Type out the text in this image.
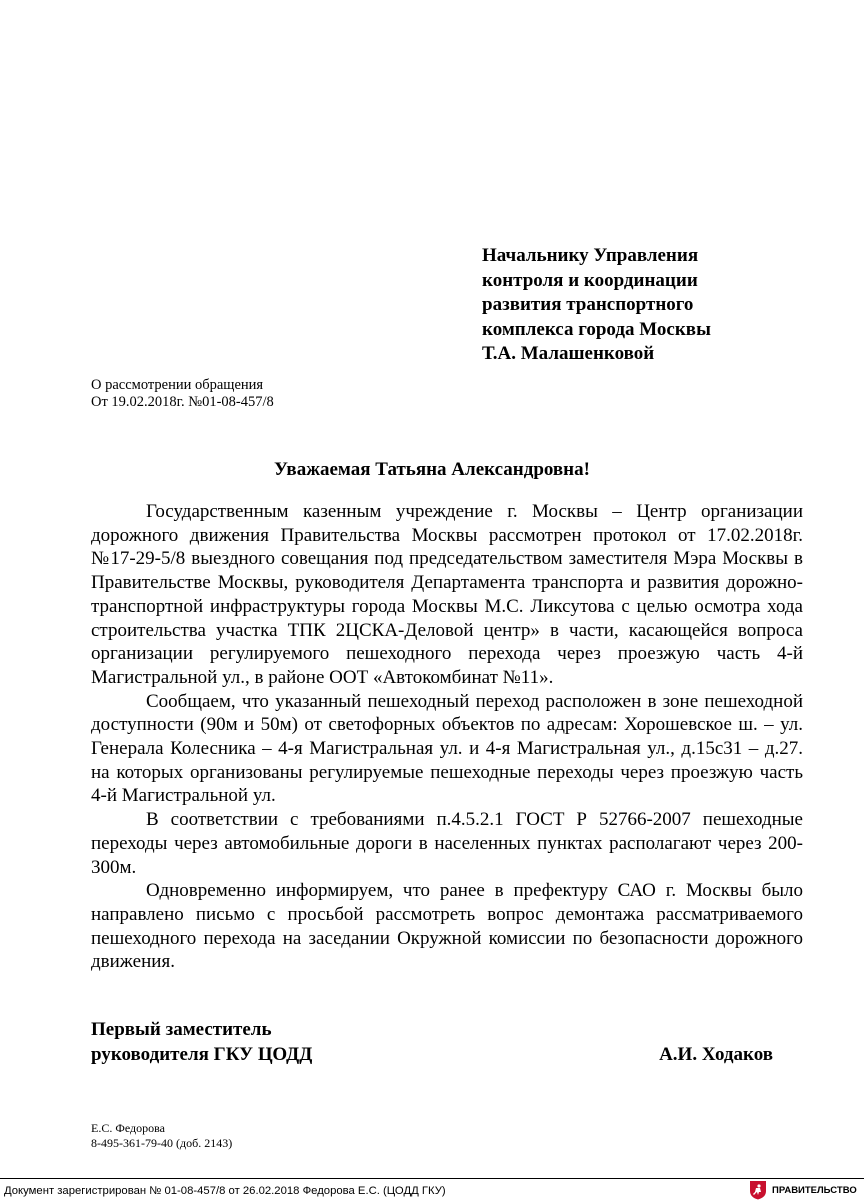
Начальнику Управления
контроля и координации
развития транспортного
комплекса города Москвы
Т.А. Малашенковой
О рассмотрении обращения
От 19.02.2018г. №01-08-457/8
Уважаемая Татьяна Александровна!

Государственным казенным учреждение г. Москвы – Центр организации дорожного движения Правительства Москвы рассмотрен протокол от 17.02.2018г. №17-29-5/8 выездного совещания под председательством заместителя Мэра Москвы в Правительстве Москвы, руководителя Департамента транспорта и развития дорожно-транспортной инфраструктуры города Москвы М.С. Ликсутова с целью осмотра хода строительства участка ТПК 2ЦСКА-Деловой центр» в части, касающейся вопроса организации регулируемого пешеходного перехода через проезжую часть 4-й Магистральной ул., в районе ООТ «Автокомбинат №11».

Сообщаем, что указанный пешеходный переход расположен в зоне пешеходной доступности (90м и 50м) от светофорных объектов по адресам: Хорошевское ш. – ул. Генерала Колесника – 4-я Магистральная ул. и 4-я Магистральная ул., д.15с31 – д.27. на которых организованы регулируемые пешеходные переходы через проезжую часть 4-й Магистральной ул.

В соответствии с требованиями п.4.5.2.1 ГОСТ Р 52766-2007 пешеходные переходы через автомобильные дороги в населенных пунктах располагают через 200-300м.

Одновременно информируем, что ранее в префектуру САО г. Москвы было направлено письмо с просьбой рассмотреть вопрос демонтажа рассматриваемого пешеходного перехода на заседании Окружной комиссии по безопасности дорожного движения.

Первый заместитель
руководителя ГКУ ЦОДД	А.И. Ходаков
Е.С. Федорова
8-495-361-79-40 (доб. 2143)
Документ зарегистрирован № 01-08-457/8 от 26.02.2018 Федорова Е.С. (ЦОДД ГКУ)	ПРАВИТЕЛЬСТВО
